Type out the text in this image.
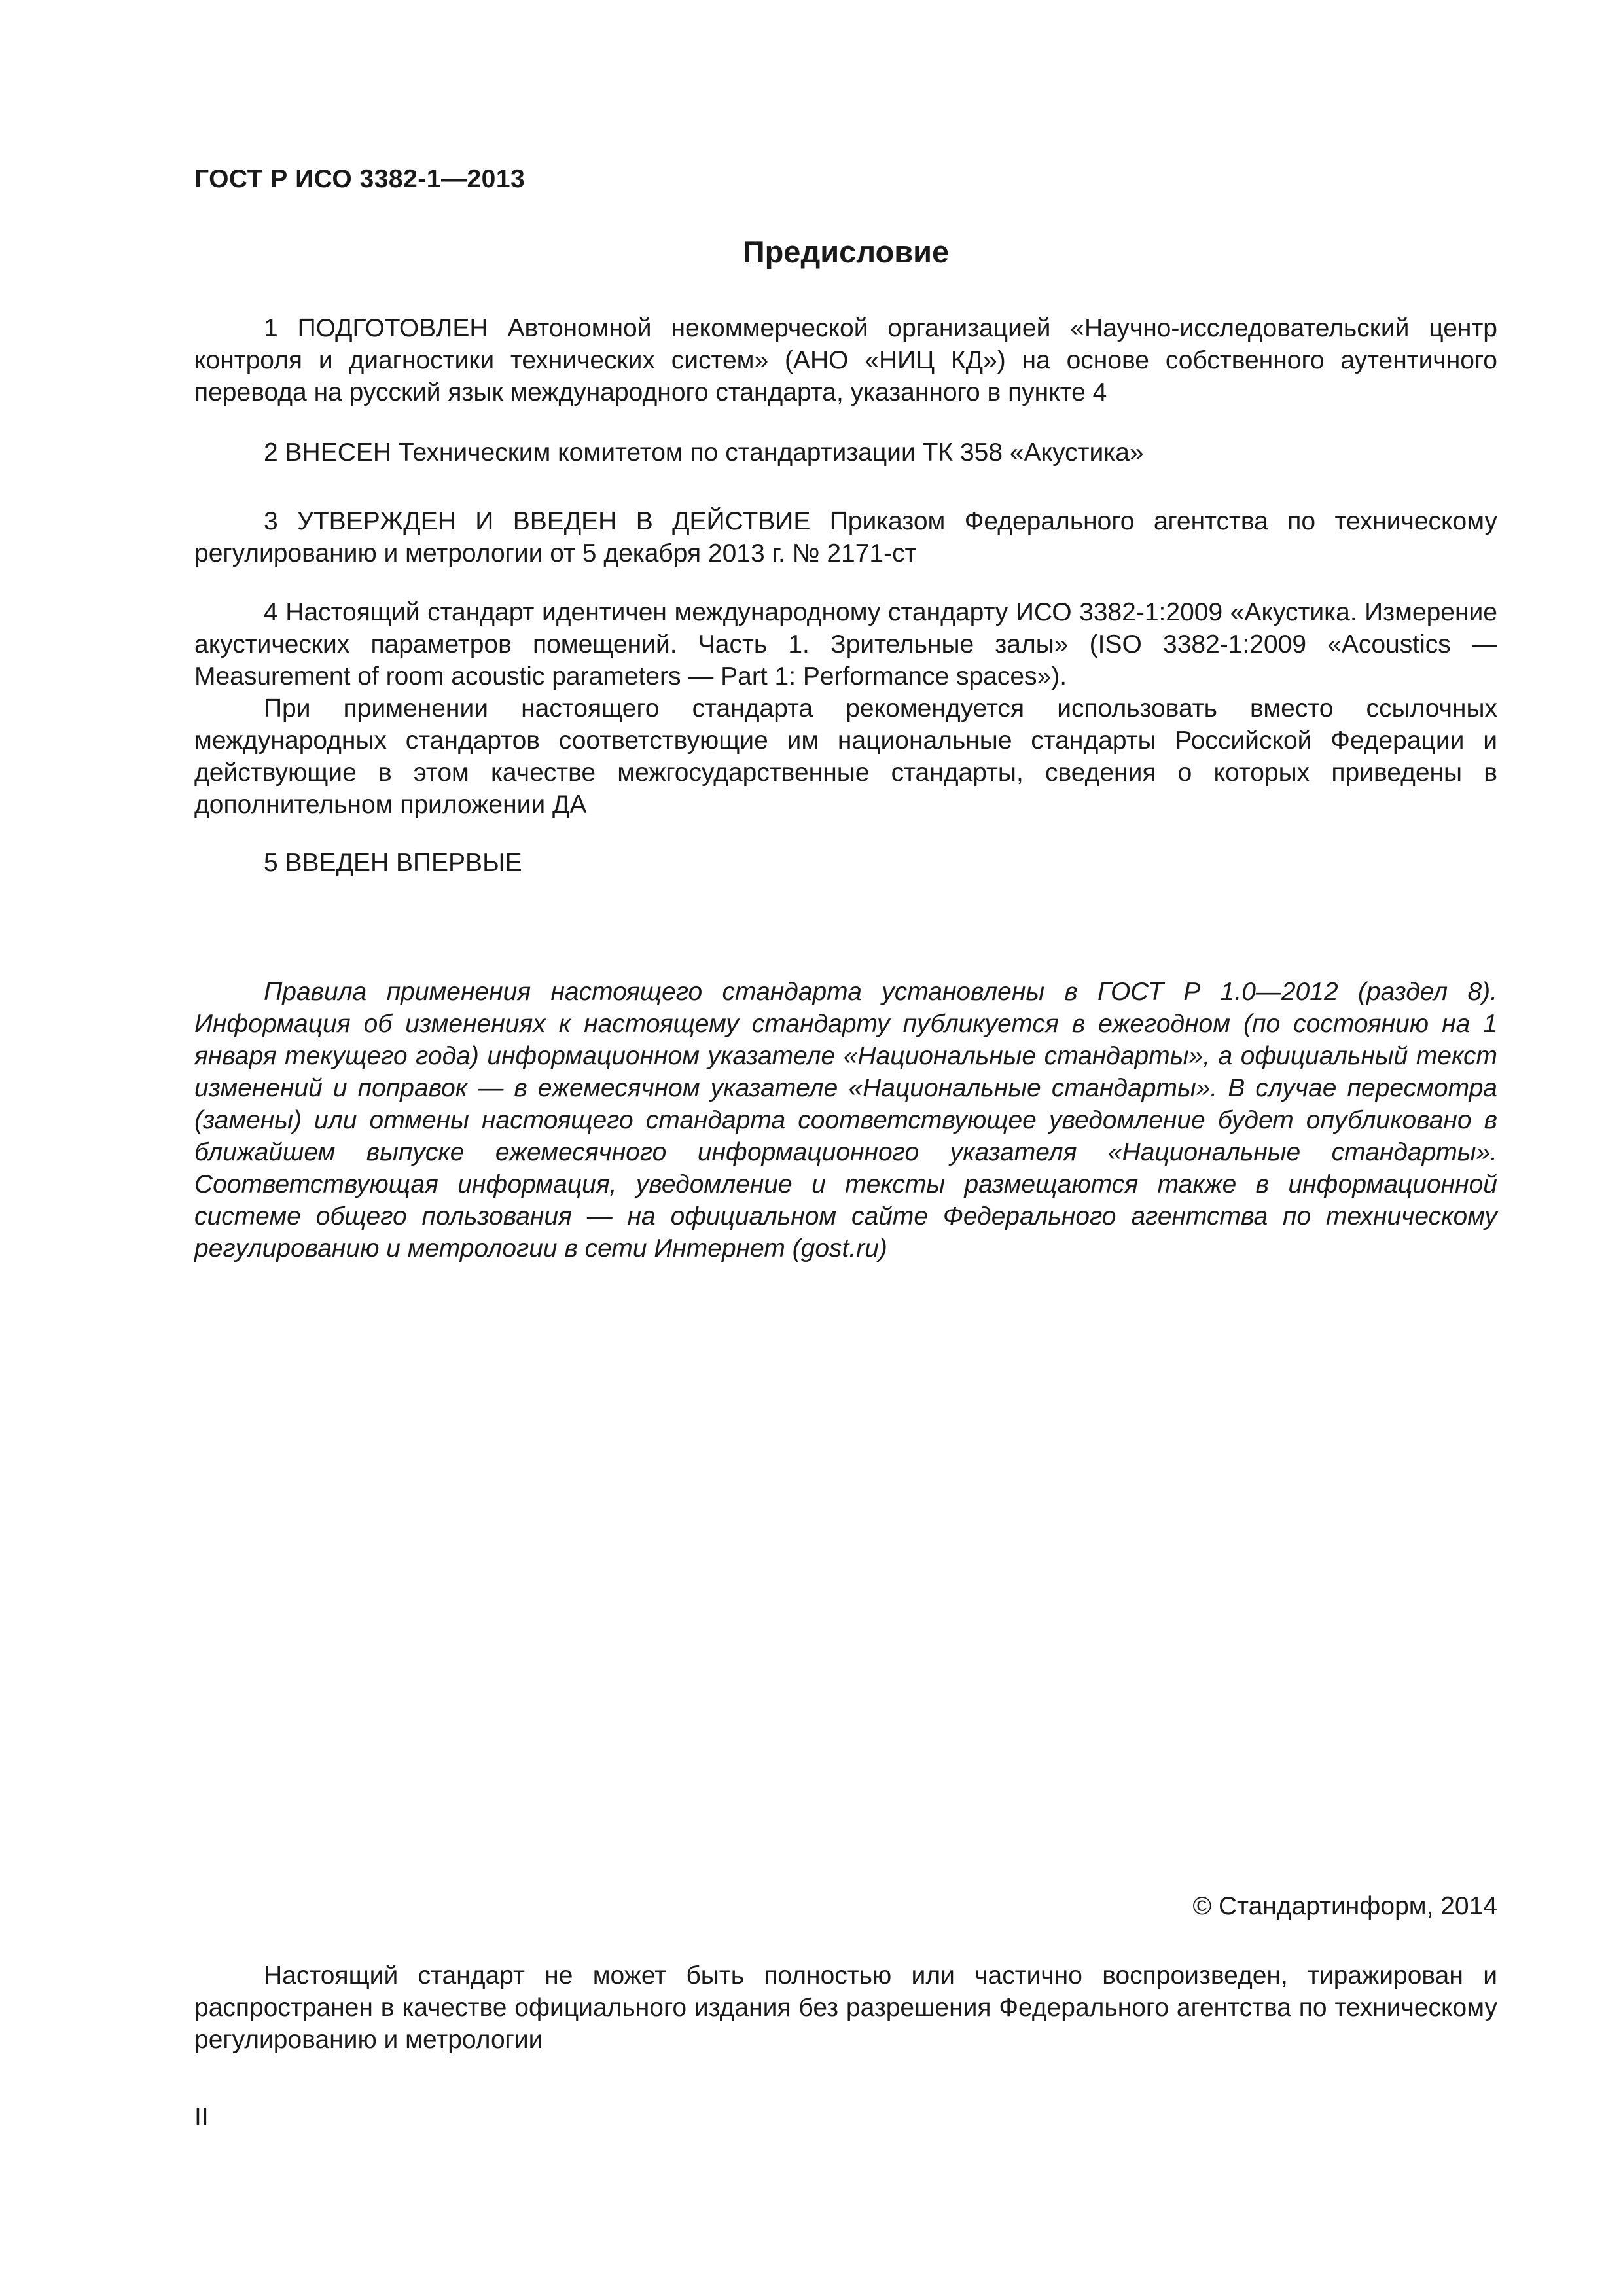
ГОСТ Р ИСО 3382-1—2013
Предисловие

1 ПОДГОТОВЛЕН Автономной некоммерческой организацией «Научно-исследовательский центр контроля и диагностики технических систем» (АНО «НИЦ КД») на основе собственного аутентичного перевода на русский язык международного стандарта, указанного в пункте 4

2 ВНЕСЕН Техническим комитетом по стандартизации ТК 358 «Акустика»

3 УТВЕРЖДЕН И ВВЕДЕН В ДЕЙСТВИЕ Приказом Федерального агентства по техническому регулированию и метрологии от 5 декабря 2013 г. № 2171-ст

4 Настоящий стандарт идентичен международному стандарту ИСО 3382-1:2009 «Акустика. Измерение акустических параметров помещений. Часть 1. Зрительные залы» (ISO 3382-1:2009 «Acoustics — Measurement of room acoustic parameters — Part 1: Performance spaces»).

При применении настоящего стандарта рекомендуется использовать вместо ссылочных международных стандартов соответствующие им национальные стандарты Российской Федерации и действующие в этом качестве межгосударственные стандарты, сведения о которых приведены в дополнительном приложении ДА

5 ВВЕДЕН ВПЕРВЫЕ

Правила применения настоящего стандарта установлены в ГОСТ Р 1.0—2012 (раздел 8). Информация об изменениях к настоящему стандарту публикуется в ежегодном (по состоянию на 1 января текущего года) информационном указателе «Национальные стандарты», а официальный текст изменений и поправок — в ежемесячном указателе «Национальные стандарты». В случае пересмотра (замены) или отмены настоящего стандарта соответствующее уведомление будет опубликовано в ближайшем выпуске ежемесячного информационного указателя «Национальные стандарты». Соответствующая информация, уведомление и тексты размещаются также в информационной системе общего пользования — на официальном сайте Федерального агентства по техническому регулированию и метрологии в сети Интернет (gost.ru)

© Стандартинформ, 2014

Настоящий стандарт не может быть полностью или частично воспроизведен, тиражирован и распространен в качестве официального издания без разрешения Федерального агентства по техническому регулированию и метрологии

II
